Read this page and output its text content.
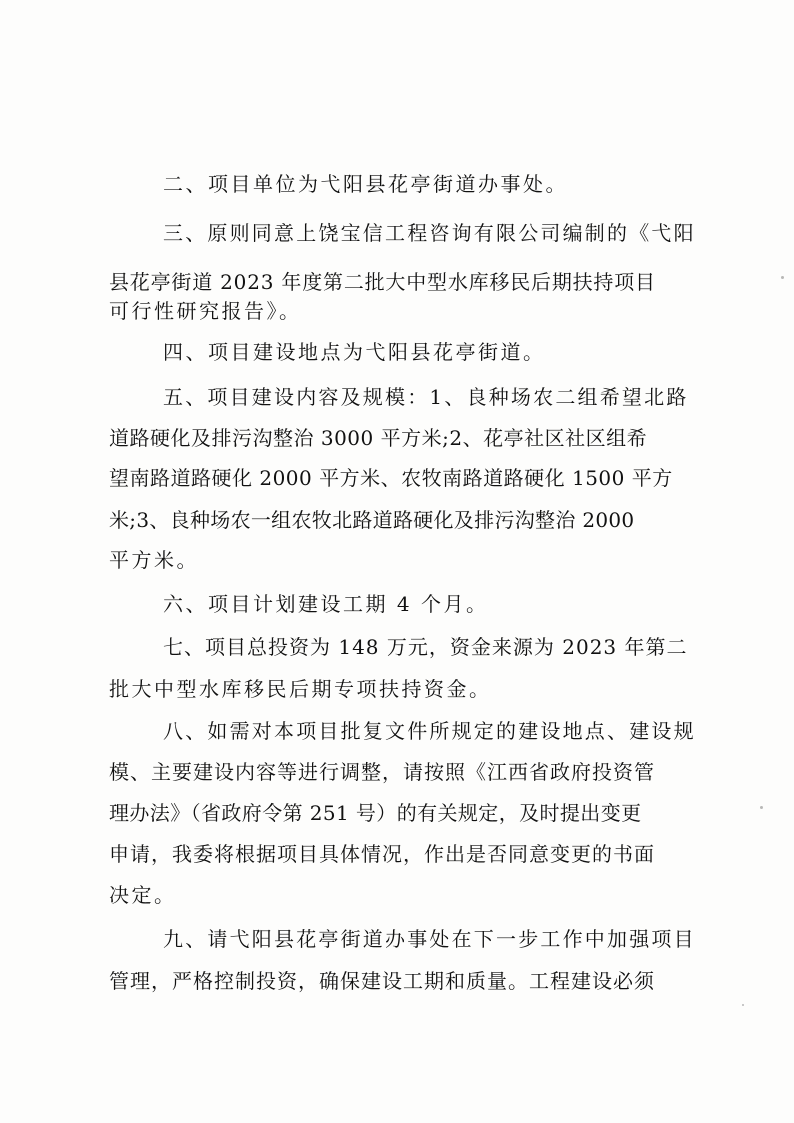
二、项目单位为弋阳县花亭街道办事处。
三、原则同意上饶宝信工程咨询有限公司编制的《弋阳
县花亭街道 2023 年度第二批大中型水库移民后期扶持项目
可行性研究报告》。
四、项目建设地点为弋阳县花亭街道。
五、项目建设内容及规模：1、良种场农二组希望北路
道路硬化及排污沟整治 3000 平方米;2、花亭社区社区组希
望南路道路硬化 2000 平方米、农牧南路道路硬化 1500 平方
米;3、良种场农一组农牧北路道路硬化及排污沟整治 2000
平方米。
六、项目计划建设工期 4 个月。
七、项目总投资为 148 万元，资金来源为 2023 年第二
批大中型水库移民后期专项扶持资金。
八、如需对本项目批复文件所规定的建设地点、建设规
模、主要建设内容等进行调整，请按照《江西省政府投资管
理办法》（省政府令第 251 号）的有关规定，及时提出变更
申请，我委将根据项目具体情况，作出是否同意变更的书面
决定。
九、请弋阳县花亭街道办事处在下一步工作中加强项目
管理，严格控制投资，确保建设工期和质量。工程建设必须
